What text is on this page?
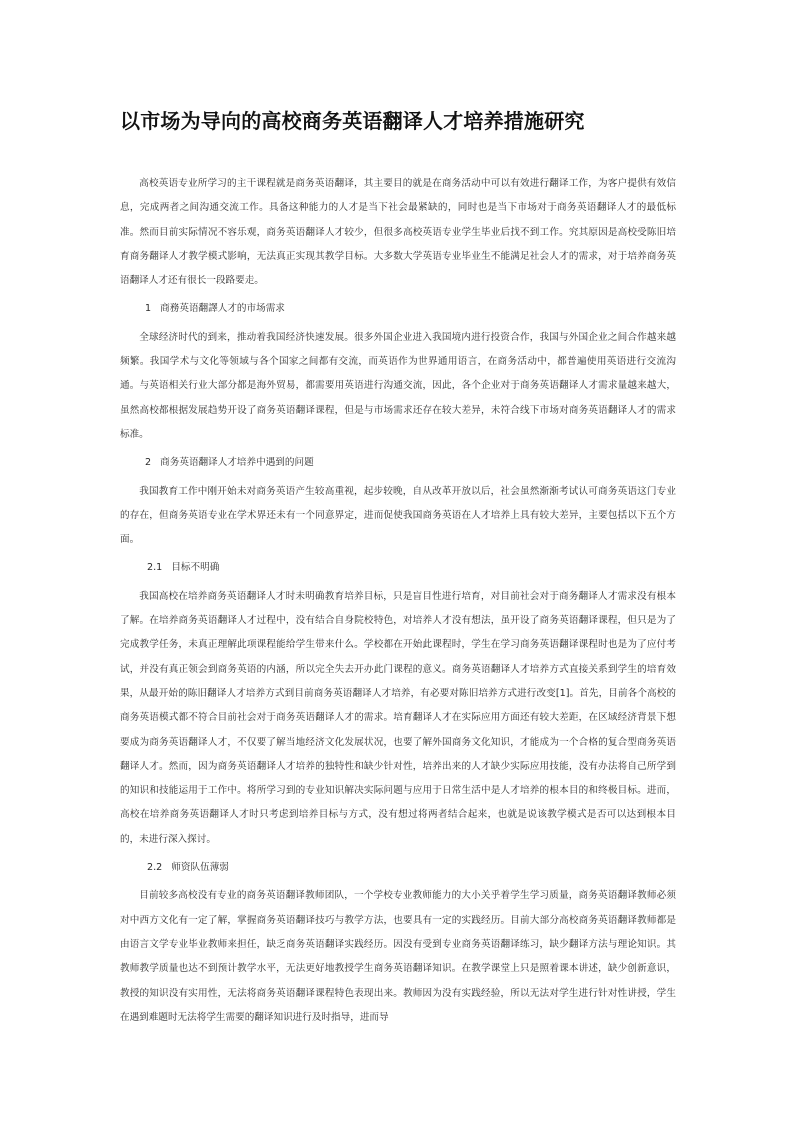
以市场为导向的高校商务英语翻译人才培养措施研究

高校英语专业所学习的主干课程就是商务英语翻译，其主要目的就是在商务活动中可以有效进行翻译工作，为客户提供有效信息，完成两者之间沟通交流工作。具备这种能力的人才是当下社会最紧缺的，同时也是当下市场对于商务英语翻译人才的最低标准。然而目前实际情况不容乐观，商务英语翻译人才较少，但很多高校英语专业学生毕业后找不到工作。究其原因是高校受陈旧培育商务翻译人才教学模式影响，无法真正实现其教学目标。大多数大学英语专业毕业生不能满足社会人才的需求，对于培养商务英语翻译人才还有很长一段路要走。

1 商務英语翻譯人才的市场需求

全球经济时代的到来，推动着我国经济快速发展。很多外国企业进入我国境内进行投资合作，我国与外国企业之间合作越来越频繁。我国学术与文化等领域与各个国家之间都有交流，而英语作为世界通用语言，在商务活动中，都普遍使用英语进行交流沟通。与英语相关行业大部分都是海外贸易，都需要用英语进行沟通交流，因此，各个企业对于商务英语翻译人才需求量越来越大，虽然高校都根据发展趋势开设了商务英语翻译课程，但是与市场需求还存在较大差异，未符合线下市场对商务英语翻译人才的需求标准。

2 商务英语翻译人才培养中遇到的问题

我国教育工作中刚开始未对商务英语产生较高重视，起步较晚，自从改革开放以后，社会虽然渐渐考试认可商务英语这门专业的存在，但商务英语专业在学术界还未有一个同意界定，进而促使我国商务英语在人才培养上具有较大差异，主要包括以下五个方面。

2.1 目标不明确

我国高校在培养商务英语翻译人才时未明确教育培养目标，只是盲目性进行培育，对目前社会对于商务翻译人才需求没有根本了解。在培养商务英语翻译人才过程中，没有结合自身院校特色，对培养人才没有想法，虽开设了商务英语翻译课程，但只是为了完成教学任务，未真正理解此项课程能给学生带来什么。学校都在开始此课程时，学生在学习商务英语翻译课程时也是为了应付考试，并没有真正领会到商务英语的内涵，所以完全失去开办此门课程的意义。商务英语翻译人才培养方式直接关系到学生的培育效果，从最开始的陈旧翻译人才培养方式到目前商务英语翻译人才培养，有必要对陈旧培养方式进行改变[1]。首先，目前各个高校的商务英语模式都不符合目前社会对于商务英语翻译人才的需求。培育翻译人才在实际应用方面还有较大差距，在区域经济背景下想要成为商务英语翻译人才，不仅要了解当地经济文化发展状况，也要了解外国商务文化知识，才能成为一个合格的复合型商务英语翻译人才。然而，因为商务英语翻译人才培养的独特性和缺少针对性，培养出来的人才缺少实际应用技能，没有办法将自己所学到的知识和技能运用于工作中。将所学习到的专业知识解决实际问题与应用于日常生活中是人才培养的根本目的和终极目标。进而，高校在培养商务英语翻译人才时只考虑到培养目标与方式，没有想过将两者结合起来，也就是说该教学模式是否可以达到根本目的，未进行深入探讨。

2.2 师资队伍薄弱

目前较多高校没有专业的商务英语翻译教师团队，一个学校专业教师能力的大小关乎着学生学习质量，商务英语翻译教师必须对中西方文化有一定了解，掌握商务英语翻译技巧与教学方法，也要具有一定的实践经历。目前大部分高校商务英语翻译教师都是由语言文学专业毕业教师来担任，缺乏商务英语翻译实践经历。因没有受到专业商务英语翻译练习，缺少翻译方法与理论知识。其教师教学质量也达不到预计教学水平，无法更好地教授学生商务英语翻译知识。在教学课堂上只是照着课本讲述，缺少创新意识，教授的知识没有实用性，无法将商务英语翻译课程特色表现出来。教师因为没有实践经验，所以无法对学生进行针对性讲授，学生在遇到难题时无法将学生需要的翻译知识进行及时指导，进而导
